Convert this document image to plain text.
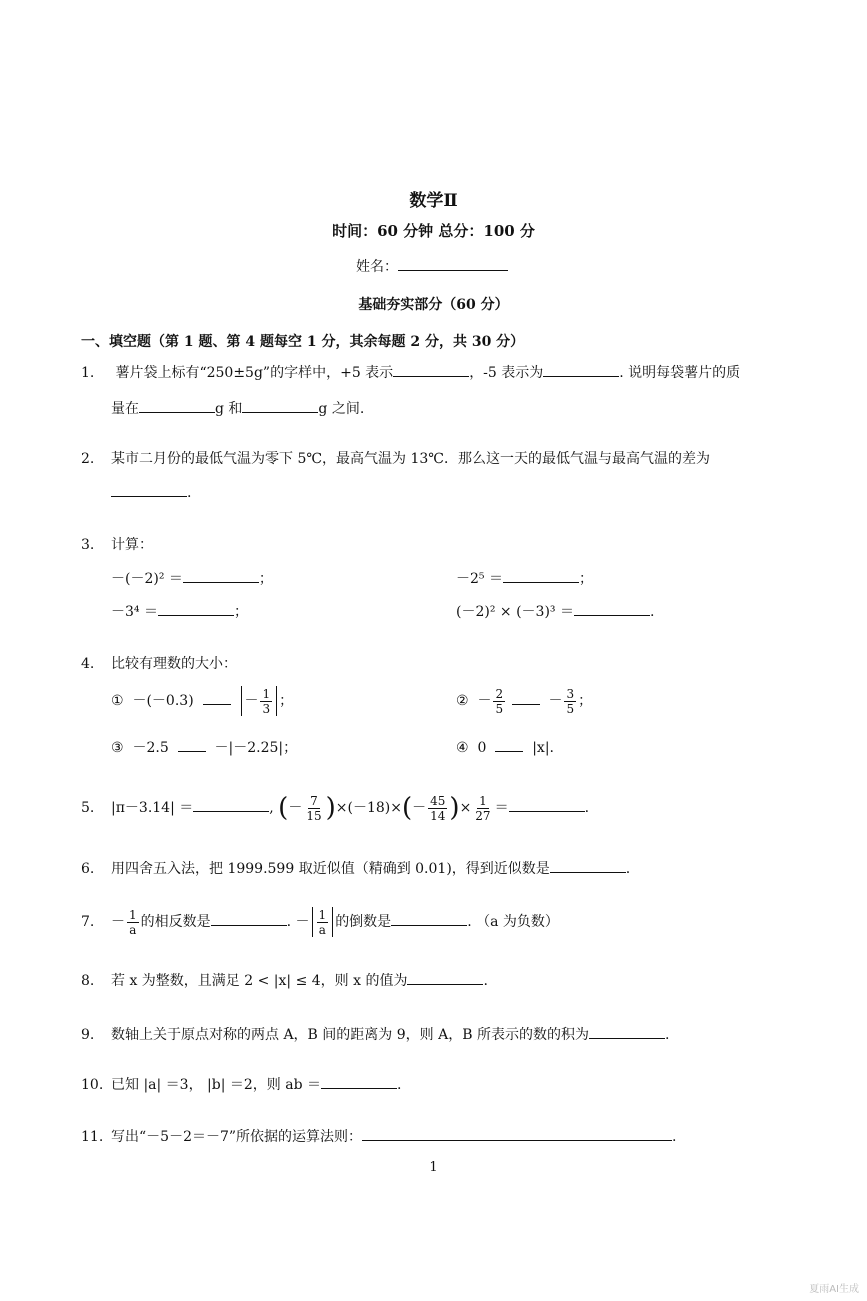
数学Ⅱ
时间：60 分钟 总分：100 分
姓名：
基础夯实部分（60 分）
一、填空题（第 1 题、第 4 题每空 1 分，其余每题 2 分，共 30 分）
1. 薯片袋上标有“250±5g”的字样中，+5 表示	，-5 表示为	. 说明每袋薯片的质
量在	g 和	g 之间.
2. 某市二月份的最低气温为零下 5℃，最高气温为 13℃．那么这一天的最低气温与最高气温的差为
.
3. 计算：
－(－2)² ＝	；	－2⁵ ＝	；
－3⁴ ＝	；	(－2)² × (－3)³ ＝	.
4. 比较有理数的大小：
① －(－0.3)	－ $\frac{1}{3}$ ；	②  － $\frac{2}{5} - \frac{3}{5}$ ；
③ －2.5	－|－2.25|；	④ 0	|x|.
5. |π－3.14| ＝	, (－ $\frac{7}{15} )\times(-18)\times(- \frac{45}{14}$ )× $\frac{1}{27}$ ＝	.
6. 用四舍五入法，把 1999.599 取近似值（精确到 0.01)，得到近似数是	.
7. － $\frac{1}{a}$ 的相反数是	. － $\frac{1}{a}$ 的倒数是	. （a 为负数）
8. 若 x 为整数，且满足 2 < |x| ≤ 4，则 x 的值为	.
9. 数轴上关于原点对称的两点 A，B 间的距离为 9，则 A，B 所表示的数的积为	.
10. 已知 |a| ＝3， |b| ＝2，则 ab ＝	.
11. 写出“－5－2＝－7”所依据的运算法则：	.
1
夏雨AI生成
